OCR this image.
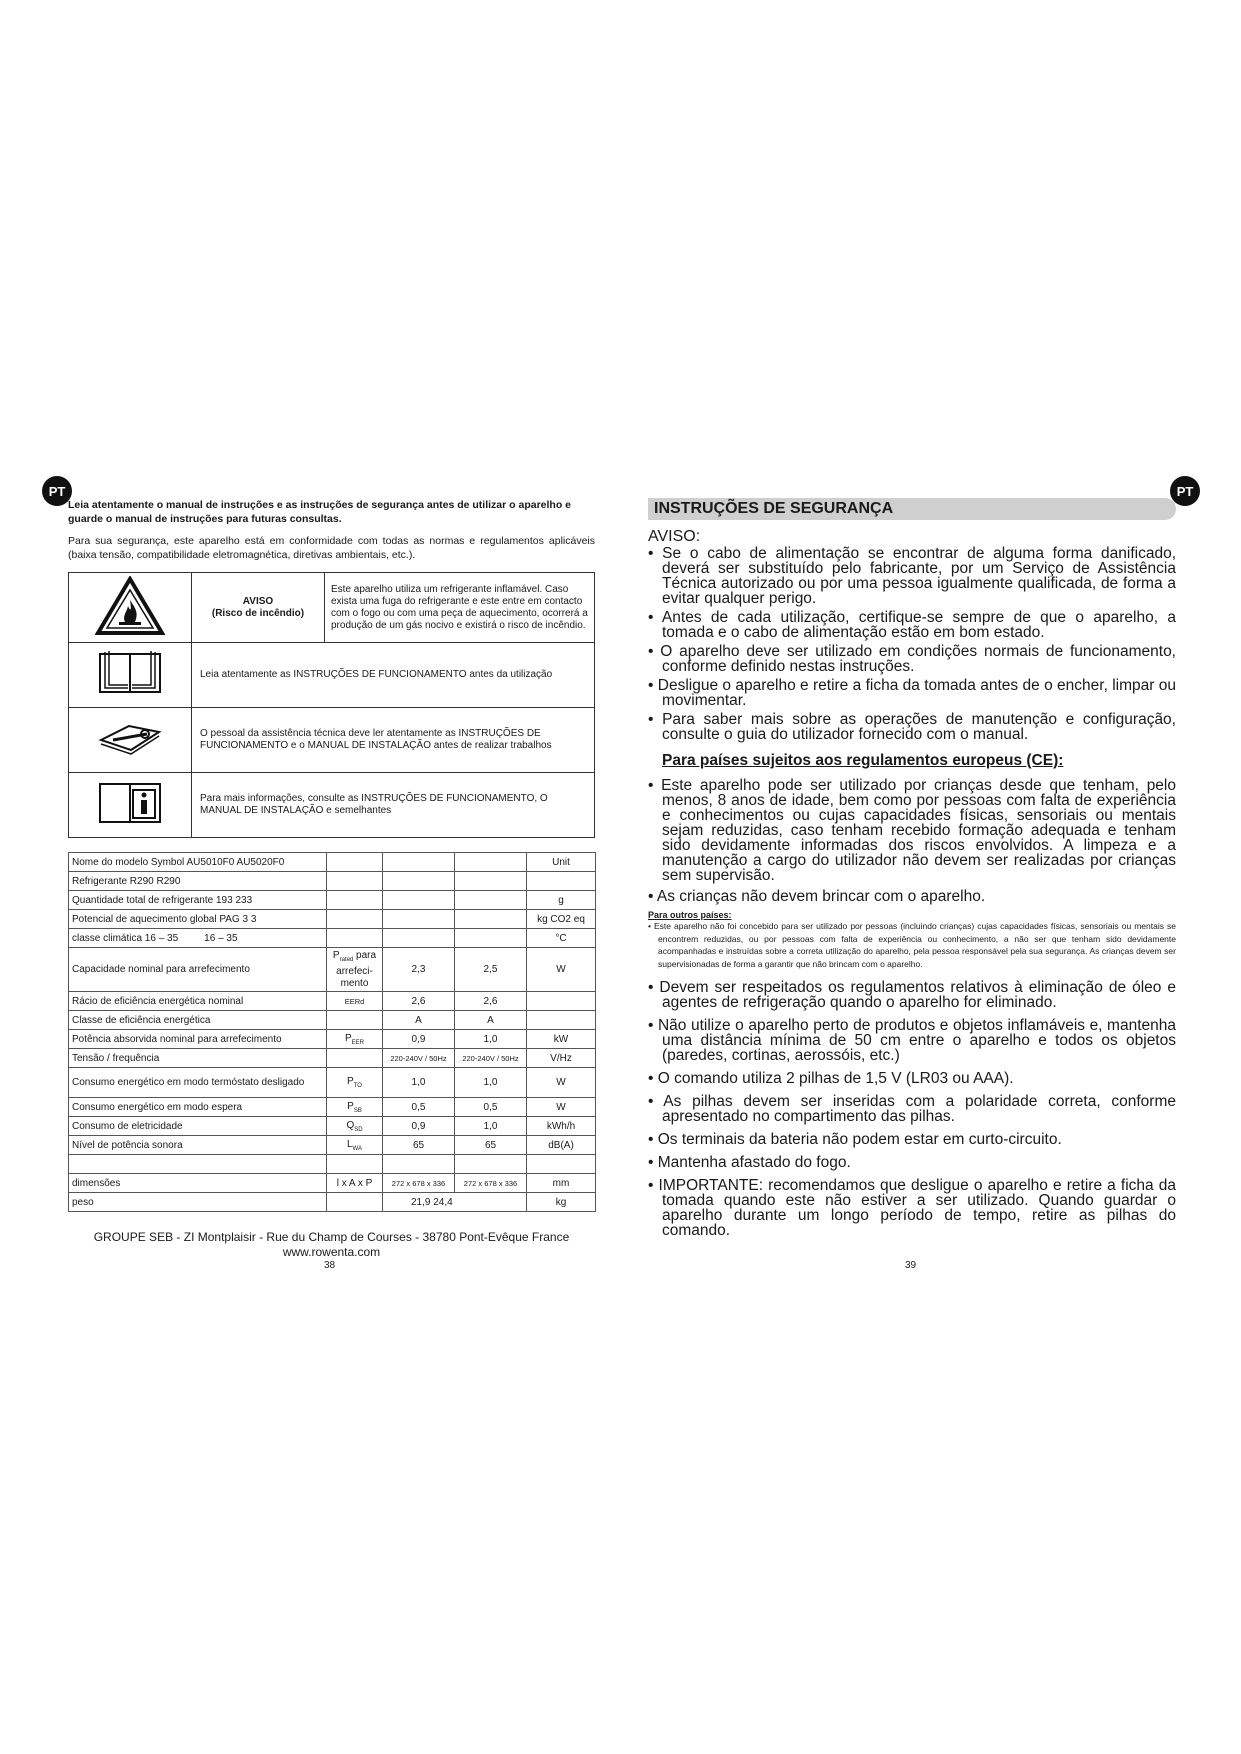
PT	PT
Leia atentamente o manual de instruções e as instruções de segurança antes de utilizar o aparelho e guarde o manual de instruções para futuras consultas.
Para sua segurança, este aparelho está em conformidade com todas as normas e regulamentos aplicáveis (baixa tensão, compatibilidade eletromagnética, diretivas ambientais, etc.).

AVISO
(Risco de incêndio)	Este aparelho utiliza um refrigerante inflamável. Caso exista uma fuga do refrigerante e este entre em contacto com o fogo ou com uma peça de aquecimento, ocorrerá a produção de um gás nocivo e existirá o risco de incêndio.
	Leia atentamente as INSTRUÇÕES DE FUNCIONAMENTO antes da utilização	
	O pessoal da assistência técnica deve ler atentamente as INSTRUÇÕES DE FUNCIONAMENTO e o MANUAL DE INSTALAÇÃO antes de realizar trabalhos	
	Para mais informações, consulte as INSTRUÇÕES DE FUNCIONAMENTO, O MANUAL DE INSTALAÇÃO e semelhantes	
Nome do modelo Symbol AU5010F0 AU5020F0				Unit
Refrigerante R290 R290				
Quantidade total de refrigerante 193 233				g
Potencial de aquecimento global PAG 3 3				kg CO2 eq
classe climática 16 – 35 16 – 35				°C
Capacidade nominal para arrefecimento	$P_{rated}$ para arrefeci-mento	2,3	2,5	W
Rácio de eficiência energética nominal	EERd	2,6	2,6	
Classe de eficiência energética		A	A	
Potência absorvida nominal para arrefecimento	$P_{EER}$	0,9	1,0	kW
Tensão / frequência		220-240V / 50Hz	220-240V / 50Hz	V/Hz
Consumo energético em modo termóstato desligado	$P_{TO}$	1,0	1,0	W
Consumo energético em modo espera	$P_{SB}$	0,5	0,5	W
Consumo de eletricidade	$Q_{SD}$	0,9	1,0	kWh/h
Nível de potência sonora	$L_{WA}$	65	65	dB(A)

dimensões	l x A x P	272 x 678 x 336	272 x 678 x 336	mm
peso		21,9 24,4		kg
GROUPE SEB - ZI Montplaisir - Rue du Champ de Courses - 38780 Pont-Evêque France
www.rowenta.com
38
INSTRUÇÕES DE SEGURANÇA
AVISO:
• Se o cabo de alimentação se encontrar de alguma forma danificado, deverá ser substituído pelo fabricante, por um Serviço de Assistência Técnica autorizado ou por uma pessoa igualmente qualificada, de forma a evitar qualquer perigo.
• Antes de cada utilização, certifique-se sempre de que o aparelho, a tomada e o cabo de alimentação estão em bom estado.
• O aparelho deve ser utilizado em condições normais de funcionamento, conforme definido nestas instruções.
• Desligue o aparelho e retire a ficha da tomada antes de o encher, limpar ou movimentar.
• Para saber mais sobre as operações de manutenção e configuração, consulte o guia do utilizador fornecido com o manual.
Para países sujeitos aos regulamentos europeus (CE):
• Este aparelho pode ser utilizado por crianças desde que tenham, pelo menos, 8 anos de idade, bem como por pessoas com falta de experiência e conhecimentos ou cujas capacidades físicas, sensoriais ou mentais sejam reduzidas, caso tenham recebido formação adequada e tenham sido devidamente informadas dos riscos envolvidos. A limpeza e a manutenção a cargo do utilizador não devem ser realizadas por crianças sem supervisão.
• As crianças não devem brincar com o aparelho.
Para outros países:
• Este aparelho não foi concebido para ser utilizado por pessoas (incluindo crianças) cujas capacidades físicas, sensoriais ou mentais se encontrem reduzidas, ou por pessoas com falta de experiência ou conhecimento, a não ser que tenham sido devidamente acompanhadas e instruídas sobre a correta utilização do aparelho, pela pessoa responsável pela sua segurança. As crianças devem ser supervisionadas de forma a garantir que não brincam com o aparelho.
• Devem ser respeitados os regulamentos relativos à eliminação de óleo e agentes de refrigeração quando o aparelho for eliminado.
• Não utilize o aparelho perto de produtos e objetos inflamáveis e, mantenha uma distância mínima de 50 cm entre o aparelho e todos os objetos (paredes, cortinas, aerossóis, etc.)
• O comando utiliza 2 pilhas de 1,5 V (LR03 ou AAA).
• As pilhas devem ser inseridas com a polaridade correta, conforme apresentado no compartimento das pilhas.
• Os terminais da bateria não podem estar em curto-circuito.
• Mantenha afastado do fogo.
• IMPORTANTE: recomendamos que desligue o aparelho e retire a ficha da tomada quando este não estiver a ser utilizado. Quando guardar o aparelho durante um longo período de tempo, retire as pilhas do comando.
39
